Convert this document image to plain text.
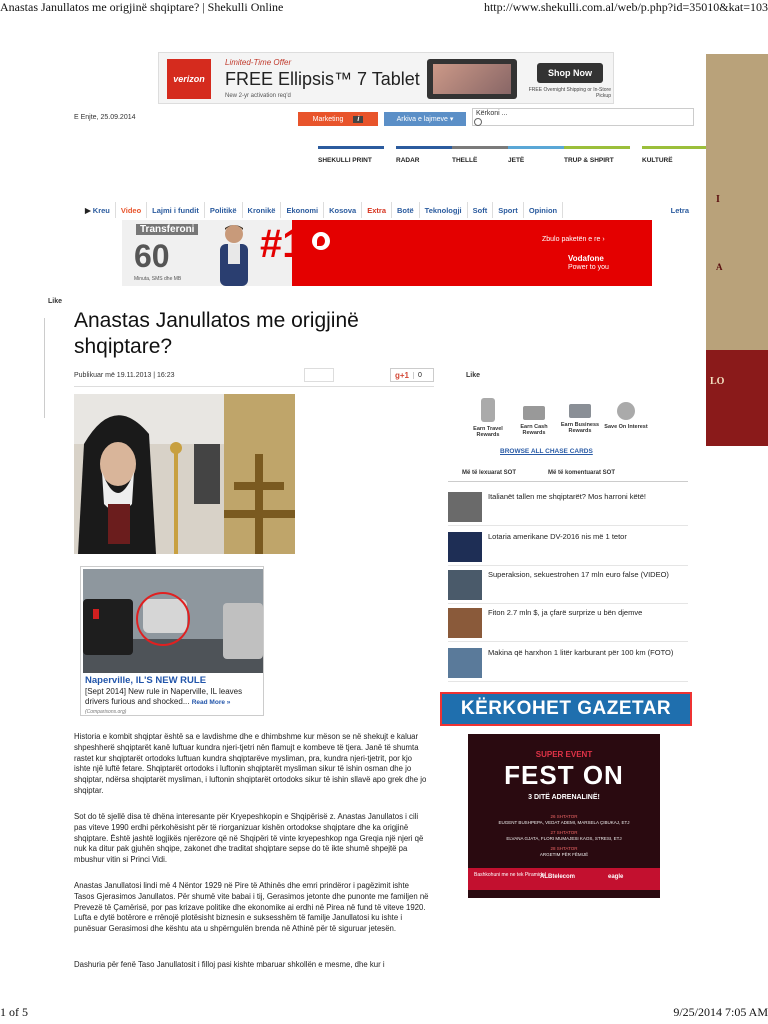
Anastas Janullatos me origjinë shqiptare? | Shekulli Online	http://www.shekulli.com.al/web/p.php?id=35010&kat=103
verizon
Limited-Time Offer
FREE Ellipsis™ 7 Tablet
New 2-yr activation req'd
Shop Now
FREE Overnight Shipping or In-Store Pickup
E Enjte, 25.09.2014	Marketing	i	Arkiva e lajmeve ▾
Kërkoni ...
SHEKULLI PRINT	RADAR	THELLË	JETË	TRUP & SHPIRT	KULTURË
▶ Kreu	Video	Lajmi i fundit	Politikë	Kronikë	Ekonomi	Kosova	Extra	Botë	Teknologji	Soft	Sport	Opinion	Letra
Transferoni
60
Minuta, SMS dhe MB
#1	Zbulo paketën e re ›
Vodafone
Power to you
I
A
LO
Like
Anastas Janullatos me origjinë shqiptare?
Publikuar më 19.11.2013 | 16:23	g+1	0
Naperville, IL'S NEW RULE
[Sept 2014] New rule in Naperville, IL leaves drivers furious and shocked... Read More »
(Comparisons.org)

Historia e kombit shqiptar është sa e lavdishme dhe e dhimbshme kur mëson se në shekujt e kaluar shpeshherë shqiptarët kanë luftuar kundra njeri-tjetri nën flamujt e kombeve të tjera. Janë të shumta rastet kur shqiptarët ortodoks luftuan kundra shqiptarëve mysliman, pra, kundra njeri-tjetrit, por kjo ishte një luftë fetare. Shqiptarët ortodoks i luftonin shqiptarët mysliman sikur të ishin osman dhe jo shqiptar, ndërsa shqiptarët mysliman, i luftonin shqiptarët ortodoks sikur të ishin sllavë apo grek dhe jo shqiptar.

Sot do të sjellë disa të dhëna interesante për Kryepeshkopin e Shqipërisë z. Anastas Janullatos i cili pas viteve 1990 erdhi përkohësisht për të riorganizuar kishën ortodokse shqiptare dhe ka origjinë shqiptare. Është jashtë logjikës njerëzore që në Shqipëri të vinte kryepeshkop nga Greqia një njeri që nuk ka ditur pak gjuhën shqipe, zakonet dhe traditat shqiptare sepse do të ikte shumë shpejtë pa mbushur vitin si Princi Vidi.

Anastas Janullatosi lindi më 4 Nëntor 1929 në Pire të Athinës dhe emri prindëror i pagëzimit ishte Tasos Gjerasimos Janullatos. Për shumë vite babai i tij, Gerasimos jetonte dhe punonte me familjen në Prevezë të Çamërisë, por pas krizave politike dhe ekonomike ai erdhi në Pirea në fund të viteve 1920. Lufta e dytë botërore e rrënojë plotësisht biznesin e suksesshëm të familje Janullatosi ku ishte i punësuar Gerasimosi dhe kështu ata u shpërngulën brenda në Athinë për të siguruar jetesën.

Dashuria për fenë Taso Janullatosit i filloj pasi kishte mbaruar shkollën e mesme, dhe kur i

Like
Earn Travel Rewards
Earn Cash Rewards
Earn Business Rewards
Save On Interest
BROWSE ALL CHASE CARDS
Më të lexuarat SOT	Më të komentuarat SOT
Italianët tallen me shqiptarët? Mos harroni këtë!
Lotaria amerikane DV-2016 nis më 1 tetor
Superaksion, sekuestrohen 17 mln euro false (VIDEO)
Fiton 2.7 mln $, ja çfarë surprize u bën djemve
Makina që harxhon 1 litër karburant për 100 km (FOTO)
KËRKOHET GAZETAR
SUPER EVENT
FEST ON
3 DITË ADRENALINË!
26 SHTATOR
EUGENT BUSHPEPA, VEDAT ADEMI, MARSELA ÇIBUKAJ, ETJ
27 SHTATOR
ELVANA GJATA, FLORI MUMAJESI KAOS, STRESI, ETJ
28 SHTATOR
ARGETIM PËR FËMIJË
Bashkohuni me ne tek Piramida!
ALBtelecom	eagle
1 of 5	9/25/2014 7:05 AM
